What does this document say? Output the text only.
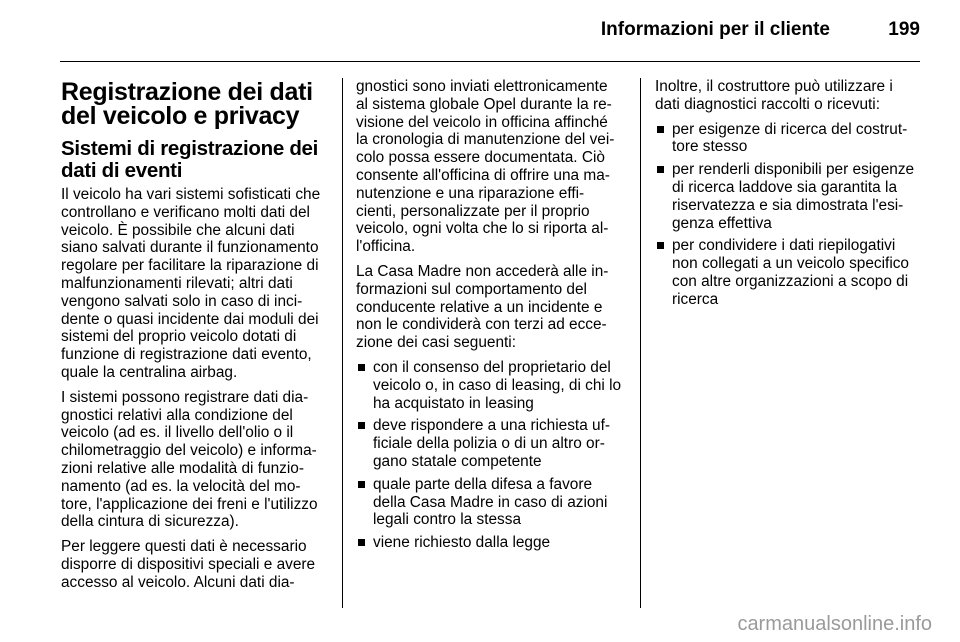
Informazioni per il cliente	199
Registrazione dei dati del veicolo e privacy
Sistemi di registrazione dei dati di eventi

Il veicolo ha vari sistemi sofisticati che controllano e verificano molti dati del veicolo. È possibile che alcuni dati siano salvati durante il funzionamento regolare per facilitare la riparazione di malfunzionamenti rilevati; altri dati vengono salvati solo in caso di inci-dente o quasi incidente dai moduli dei sistemi del proprio veicolo dotati di funzione di registrazione dati evento, quale la centralina airbag.

I sistemi possono registrare dati dia-gnostici relativi alla condizione del veicolo (ad es. il livello dell'olio o il chilometraggio del veicolo) e informa-zioni relative alle modalità di funzio-namento (ad es. la velocità del mo-tore, l'applicazione dei freni e l'utilizzo della cintura di sicurezza).

Per leggere questi dati è necessario disporre di dispositivi speciali e avere accesso al veicolo. Alcuni dati dia-

gnostici sono inviati elettronicamente al sistema globale Opel durante la re-visione del veicolo in officina affinché la cronologia di manutenzione del vei-colo possa essere documentata. Ciò consente all'officina di offrire una ma-nutenzione e una riparazione effi-cienti, personalizzate per il proprio veicolo, ogni volta che lo si riporta al-l'officina.

La Casa Madre non accederà alle in-formazioni sul comportamento del conducente relative a un incidente e non le condividerà con terzi ad ecce-zione dei casi seguenti:

con il consenso del proprietario del veicolo o, in caso di leasing, di chi lo ha acquistato in leasing
deve rispondere a una richiesta uf-ficiale della polizia o di un altro or-gano statale competente
quale parte della difesa a favore della Casa Madre in caso di azioni legali contro la stessa
viene richiesto dalla legge

Inoltre, il costruttore può utilizzare i dati diagnostici raccolti o ricevuti:

per esigenze di ricerca del costrut-tore stesso
per renderli disponibili per esigenze di ricerca laddove sia garantita la riservatezza e sia dimostrata l'esi-genza effettiva
per condividere i dati riepilogativi non collegati a un veicolo specifico con altre organizzazioni a scopo di ricerca
carmanualsonline.info
